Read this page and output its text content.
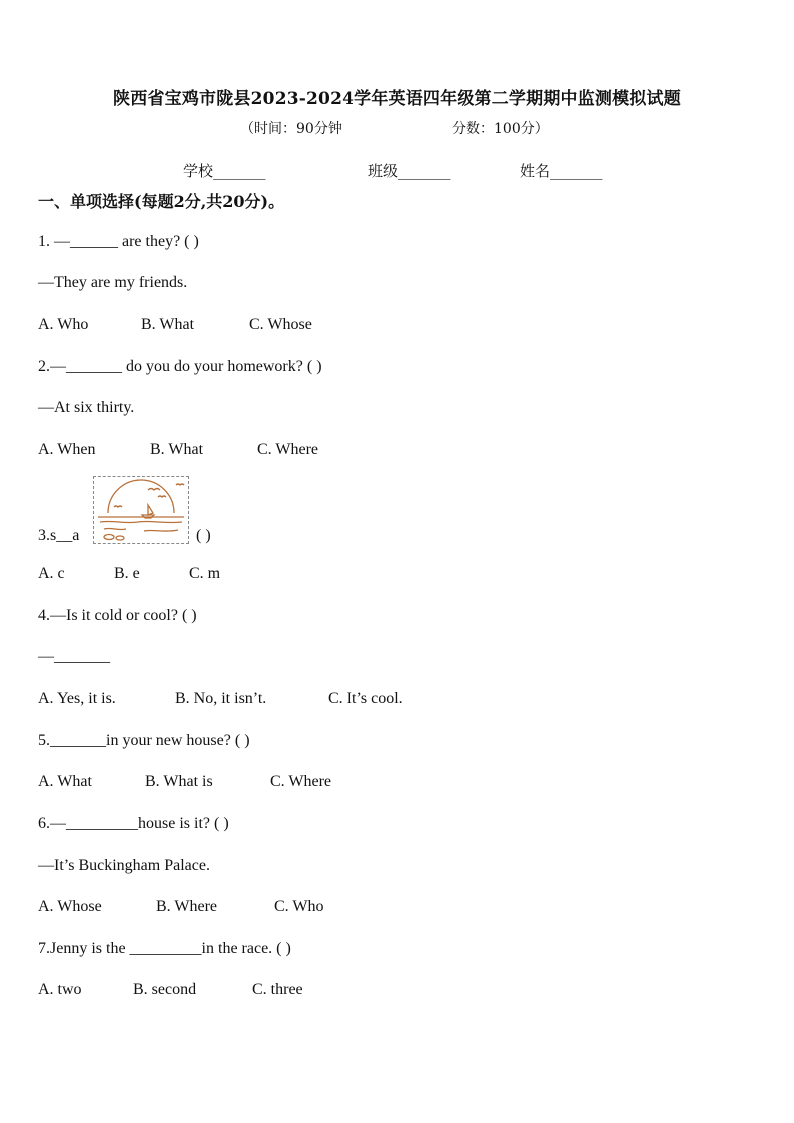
陕西省宝鸡市陇县2023-2024学年英语四年级第二学期期中监测模拟试题
（时间：90分钟	分数：100分）
学校_______	班级_______	姓名_______
一、单项选择(每题2分,共20分)。
1. —______ are they? ( )
—They are my friends.
A. Who	B. What	C. Whose
2.—_______ do you do your homework? ( )
—At six thirty.
A. When	B. What	C. Where
3.s__a	( )
A. c	B. e	C. m
4.—Is it cold or cool? ( )
—_______
A. Yes, it is.	B. No, it isn’t.	C. It’s cool.
5._______in your new house? ( )
A. What	B. What is	C. Where
6.—_________house is it? ( )
—It’s Buckingham Palace.
A. Whose	B. Where	C. Who
7.Jenny is the _________in the race. ( )
A. two	B. second	C. three
